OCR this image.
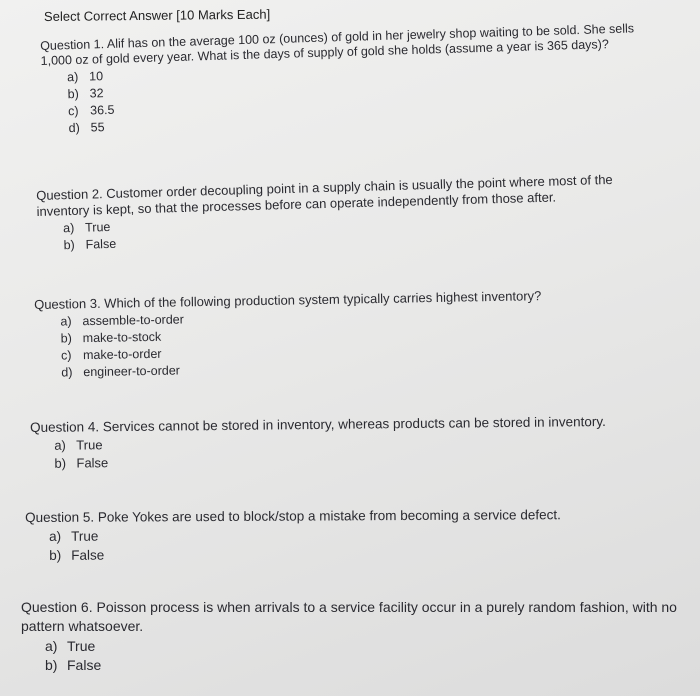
Select Correct Answer [10 Marks Each]

Question 1. Alif has on the average 100 oz (ounces) of gold in her jewelry shop waiting to be sold. She sells 1,000 oz of gold every year. What is the days of supply of gold she holds (assume a year is 365 days)?

a) 10
b) 32
c) 36.5
d) 55

Question 2. Customer order decoupling point in a supply chain is usually the point where most of the inventory is kept, so that the processes before can operate independently from those after.

a) True
b) False

Question 3. Which of the following production system typically carries highest inventory?

a) assemble-to-order
b) make-to-stock
c) make-to-order
d) engineer-to-order

Question 4. Services cannot be stored in inventory, whereas products can be stored in inventory.

a) True
b) False

Question 5. Poke Yokes are used to block/stop a mistake from becoming a service defect.

a) True
b) False

Question 6. Poisson process is when arrivals to a service facility occur in a purely random fashion, with no pattern whatsoever.

a) True
b) False
